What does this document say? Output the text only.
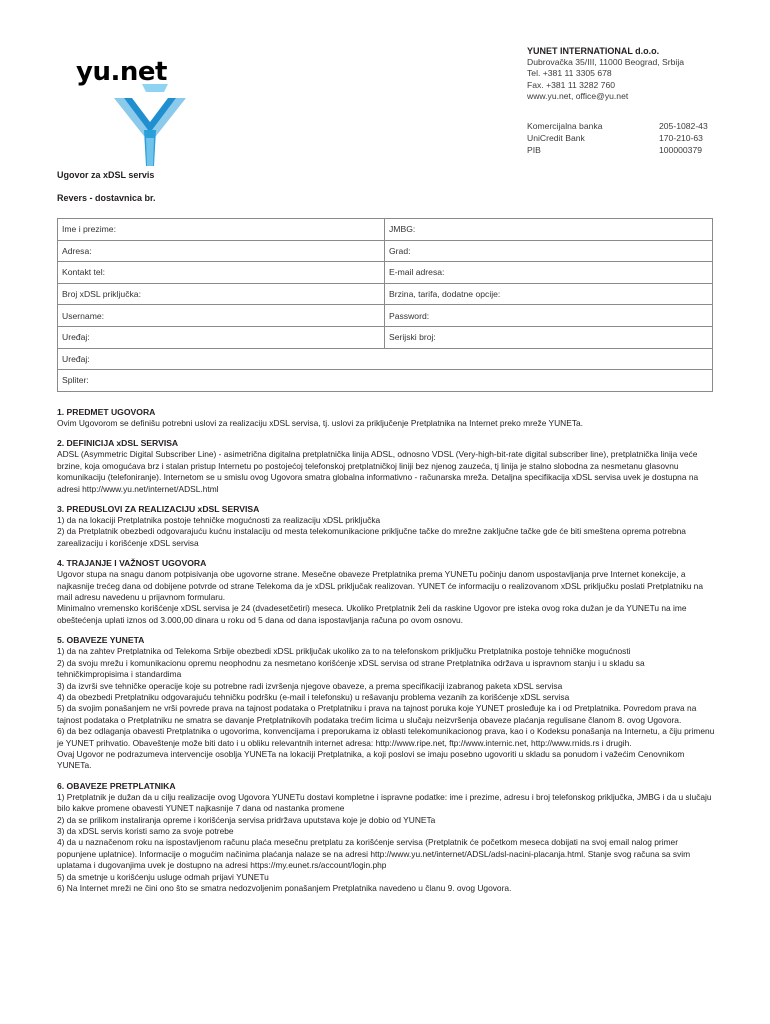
yu.net
YUNET INTERNATIONAL d.o.o.
Dubrovačka 35/III, 11000 Beograd, Srbija
Tel. +381 11 3305 678
Fax. +381 11 3282 760
www.yu.net, office@yu.net
Komercijalna banka	205-1082-43
UniCredit Bank	170-210-63
PIB	100000379
Ugovor za xDSL servis
Revers - dostavnica br.
Ime i prezime:	JMBG:
Adresa:	Grad:
Kontakt tel:	E-mail adresa:
Broj xDSL priključka:	Brzina, tarifa, dodatne opcije:
Username:	Password:
Uređaj:	Serijski broj:
Uređaj:	
Spliter:	
1. PREDMET UGOVORA

Ovim Ugovorom se definišu potrebni uslovi za realizaciju xDSL servisa, tj. uslovi za priključenje Pretplatnika na Internet preko mreže YUNETa.

2. DEFINICIJA xDSL SERVISA

ADSL (Asymmetric Digital Subscriber Line) - asimetrična digitalna pretplatnička linija ADSL, odnosno VDSL (Very-high-bit-rate digital subscriber line), pretplatnička linija veće brzine, koja omogućava brz i stalan pristup Internetu po postojećoj telefonskoj pretplatničkoj liniji bez njenog zauzeća, tj linija je stalno slobodna za nesmetanu glasovnu komunikaciju (telefoniranje). Internetom se u smislu ovog Ugovora smatra globalna informativno - računarska mreža. Detaljna specifikacija xDSL servisa uvek je dostupna na adresi http://www.yu.net/internet/ADSL.html

3. PREDUSLOVI ZA REALIZACIJU xDSL SERVISA

1) da na lokaciji Pretplatnika postoje tehničke mogućnosti za realizaciju xDSL priključka
2) da Pretplatnik obezbedi odgovarajuću kućnu instalaciju od mesta telekomunikacione priključne tačke do mrežne zaključne tačke gde će biti smeštena oprema potrebna zarealizaciju i korišćenje xDSL servisa

4. TRAJANJE I VAŽNOST UGOVORA

Ugovor stupa na snagu danom potpisivanja obe ugovorne strane. Mesečne obaveze Pretplatnika prema YUNETu počinju danom uspostavljanja prve Internet konekcije, a najkasnije trećeg dana od dobijene potvrde od strane Telekoma da je xDSL priključak realizovan. YUNET će informaciju o realizovanom xDSL priključku poslati Pretplatniku na mail adresu navedenu u prijavnom formularu.
Minimalno vremensko korišćenje xDSL servisa je 24 (dvadesetčetiri) meseca. Ukoliko Pretplatnik želi da raskine Ugovor pre isteka ovog roka dužan je da YUNETu na ime obeštećenja uplati iznos od 3.000,00 dinara u roku od 5 dana od dana ispostavljanja računa po ovom osnovu.

5. OBAVEZE YUNETA

1) da na zahtev Pretplatnika od Telekoma Srbije obezbedi xDSL priključak ukoliko za to na telefonskom priključku Pretplatnika postoje tehničke mogućnosti
2) da svoju mrežu i komunikacionu opremu neophodnu za nesmetano korišćenje xDSL servisa od strane Pretplatnika održava u ispravnom stanju i u skladu sa tehničkimpropisima i standardima
3) da izvrši sve tehničke operacije koje su potrebne radi izvršenja njegove obaveze, a prema specifikaciji izabranog paketa xDSL servisa
4) da obezbedi Pretplatniku odgovarajuću tehničku podršku (e-mail i telefonsku) u rešavanju problema vezanih za korišćenje xDSL servisa
5) da svojim ponašanjem ne vrši povrede prava na tajnost podataka o Pretplatniku i prava na tajnost poruka koje YUNET prosleđuje ka i od Pretplatnika. Povredom prava na tajnost podataka o Pretplatniku ne smatra se davanje Pretplatnikovih podataka trećim licima u slučaju neizvršenja obaveze plaćanja regulisane članom 8. ovog Ugovora.
6) da bez odlaganja obavesti Pretplatnika o ugovorima, konvencijama i preporukama iz oblasti telekomunikacionog prava, kao i o Kodeksu ponašanja na Internetu, a čiju primenu je YUNET prihvatio. Obaveštenje može biti dato i u obliku relevantnih internet adresa: http://www.ripe.net, ftp://www.internic.net, http://www.rnids.rs i drugih.
Ovaj Ugovor ne podrazumeva intervencije osoblja YUNETa na lokaciji Pretplatnika, a koji poslovi se imaju posebno ugovoriti u skladu sa ponudom i važećim Cenovnikom YUNETa.

6. OBAVEZE PRETPLATNIKA

1) Pretplatnik je dužan da u cilju realizacije ovog Ugovora YUNETu dostavi kompletne i ispravne podatke: ime i prezime, adresu i broj telefonskog priključka, JMBG i da u slučaju bilo kakve promene obavesti YUNET najkasnije 7 dana od nastanka promene
2) da se prilikom instaliranja opreme i korišćenja servisa pridržava uputstava koje je dobio od YUNETa
3) da xDSL servis koristi samo za svoje potrebe
4) da u naznačenom roku na ispostavljenom računu plaća mesečnu pretplatu za korišćenje servisa (Pretplatnik će početkom meseca dobijati na svoj email nalog primer popunjene uplatnice). Informacije o mogućim načinima plaćanja nalaze se na adresi http://www.yu.net/internet/ADSL/adsl-nacini-placanja.html. Stanje svog računa sa svim uplatama i dugovanjima uvek je dostupno na adresi https://my.eunet.rs/account/login.php
5) da smetnje u korišćenju usluge odmah prijavi YUNETu
6) Na Internet mreži ne čini ono što se smatra nedozvoljenim ponašanjem Pretplatnika navedeno u članu 9. ovog Ugovora.
